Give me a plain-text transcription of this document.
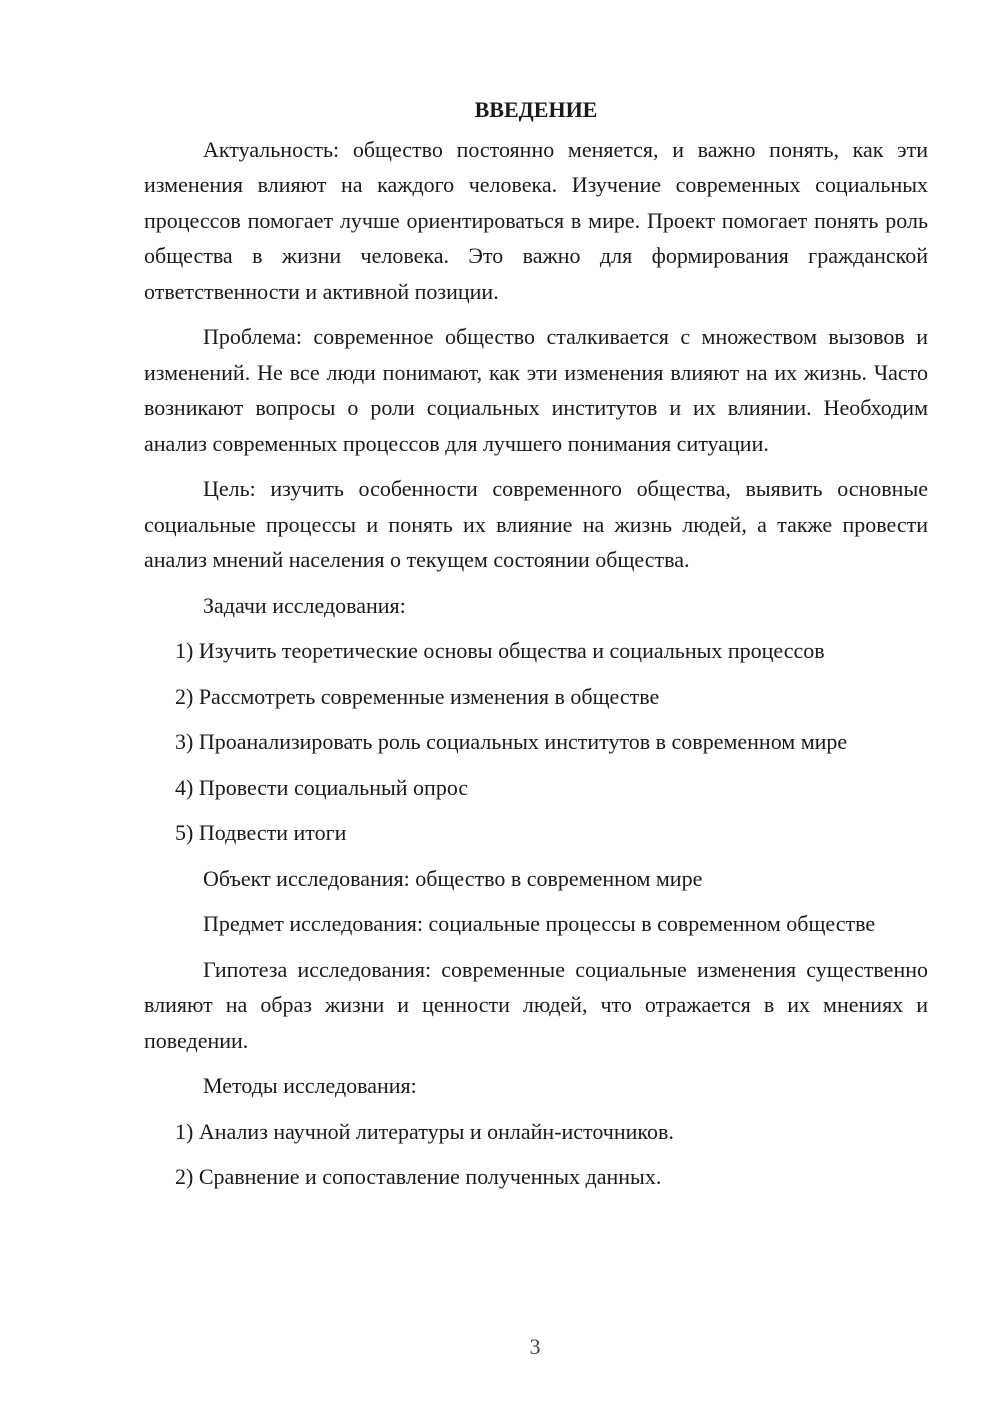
ВВЕДЕНИЕ

Актуальность: общество постоянно меняется, и важно понять, как эти изменения влияют на каждого человека. Изучение современных социальных процессов помогает лучше ориентироваться в мире. Проект помогает понять роль общества в жизни человека. Это важно для формирования гражданской ответственности и активной позиции.

Проблема: современное общество сталкивается с множеством вызовов и изменений. Не все люди понимают, как эти изменения влияют на их жизнь. Часто возникают вопросы о роли социальных институтов и их влиянии. Необходим анализ современных процессов для лучшего понимания ситуации.

Цель: изучить особенности современного общества, выявить основные социальные процессы и понять их влияние на жизнь людей, а также провести анализ мнений населения о текущем состоянии общества.

Задачи исследования:

1) Изучить теоретические основы общества и социальных процессов

2) Рассмотреть современные изменения в обществе

3) Проанализировать роль социальных институтов в современном мире

4) Провести социальный опрос

5) Подвести итоги

Объект исследования: общество в современном мире

Предмет исследования: социальные процессы в современном обществе

Гипотеза исследования: современные социальные изменения существенно влияют на образ жизни и ценности людей, что отражается в их мнениях и поведении.

Методы исследования:

1) Анализ научной литературы и онлайн-источников.

2) Сравнение и сопоставление полученных данных.

3
